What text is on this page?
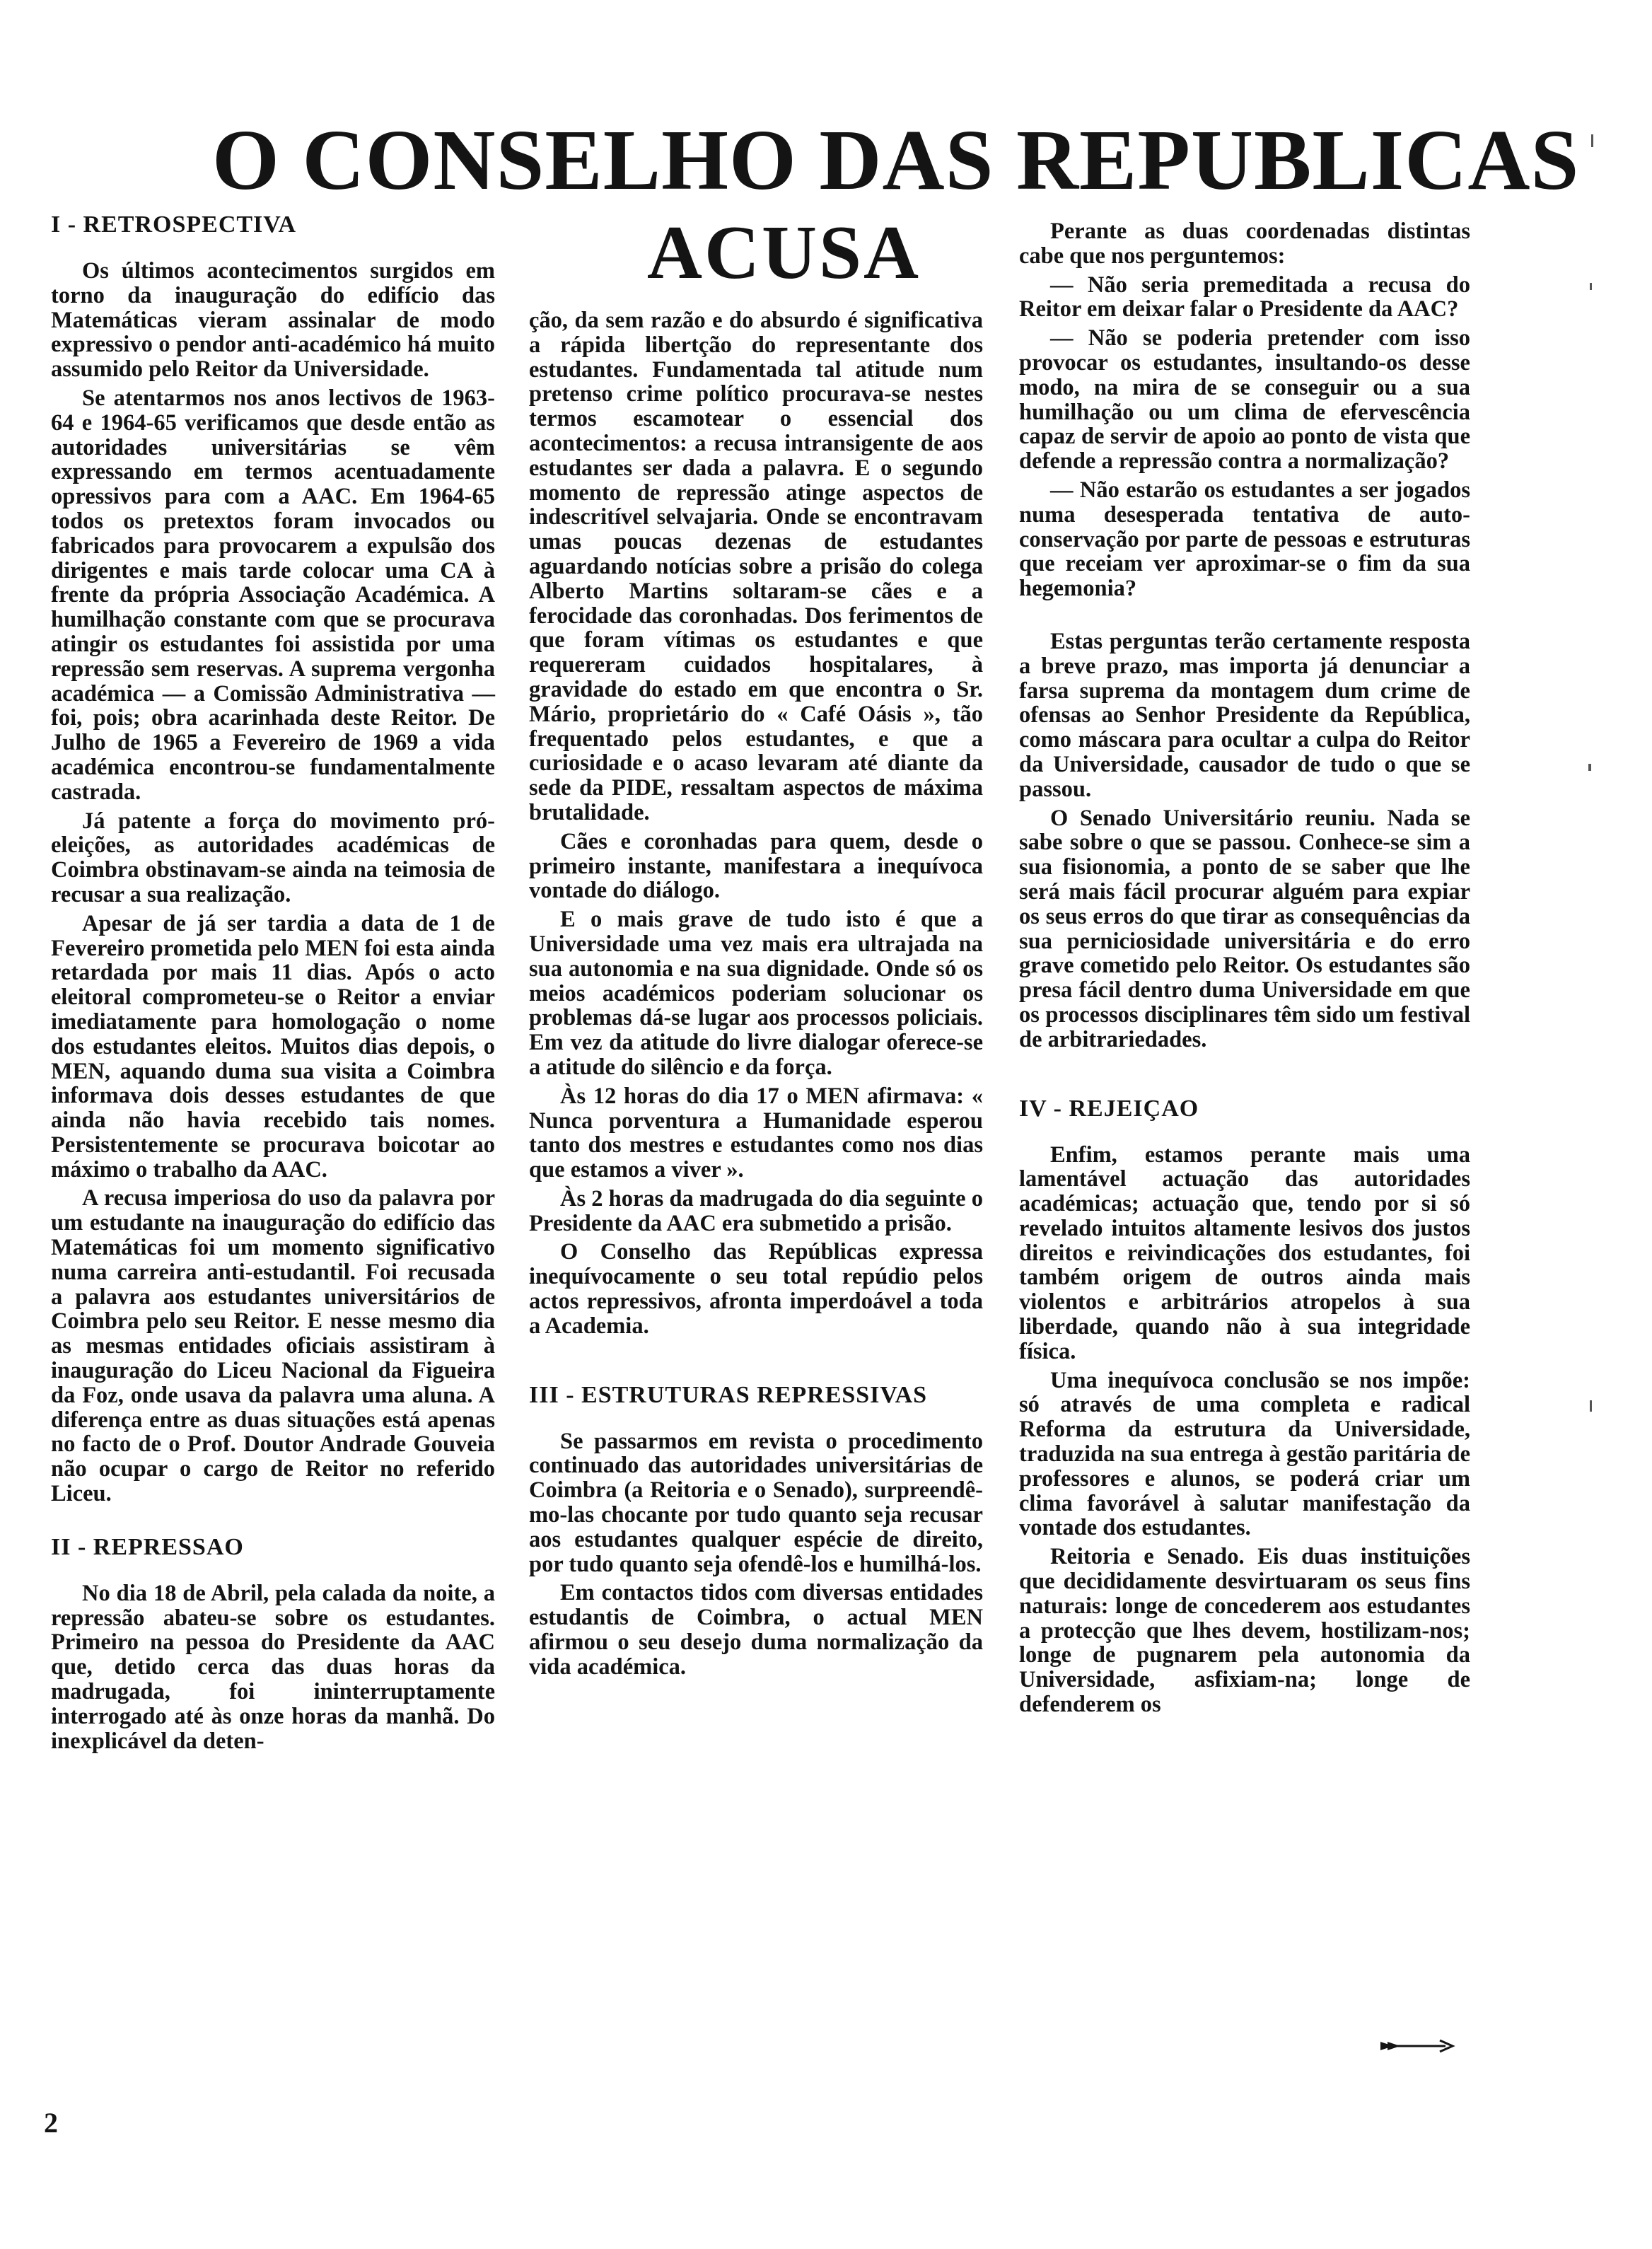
O CONSELHO DAS REPUBLICAS
ACUSA
I - RETROSPECTIVA

Os últimos acontecimentos surgidos em torno da inauguração do edifício das Matemáticas vieram assinalar de modo expressivo o pendor anti-académico há muito assumido pelo Reitor da Universidade.

Se atentarmos nos anos lectivos de 1963-64 e 1964-65 verificamos que desde então as autoridades universitárias se vêm expressando em termos acentuadamente opressivos para com a AAC. Em 1964-65 todos os pretextos foram invocados ou fabricados para provocarem a expulsão dos dirigentes e mais tarde colocar uma CA à frente da própria Associação Académica. A humilhação constante com que se procurava atingir os estudantes foi assistida por uma repressão sem reservas. A suprema vergonha académica — a Comissão Administrativa — foi, pois; obra acarinhada deste Reitor. De Julho de 1965 a Fevereiro de 1969 a vida académica encontrou-se fundamentalmente castrada.

Já patente a força do movimento pró-eleições, as autoridades académicas de Coimbra obstinavam-se ainda na teimosia de recusar a sua realização.

Apesar de já ser tardia a data de 1 de Fevereiro prometida pelo MEN foi esta ainda retardada por mais 11 dias. Após o acto eleitoral comprometeu-se o Reitor a enviar imediatamente para homologação o nome dos estudantes eleitos. Muitos dias depois, o MEN, aquando duma sua visita a Coimbra informava dois desses estudantes de que ainda não havia recebido tais nomes. Persistentemente se procurava boicotar ao máximo o trabalho da AAC.

A recusa imperiosa do uso da palavra por um estudante na inauguração do edifício das Matemáticas foi um momento significativo numa carreira anti-estudantil. Foi recusada a palavra aos estudantes universitários de Coimbra pelo seu Reitor. E nesse mesmo dia as mesmas entidades oficiais assistiram à inauguração do Liceu Nacional da Figueira da Foz, onde usava da palavra uma aluna. A diferença entre as duas situações está apenas no facto de o Prof. Doutor Andrade Gouveia não ocupar o cargo de Reitor no referido Liceu.

II - REPRESSAO

No dia 18 de Abril, pela calada da noite, a repressão abateu-se sobre os estudantes. Primeiro na pessoa do Presidente da AAC que, detido cerca das duas horas da madrugada, foi ininterruptamente interrogado até às onze horas da manhã. Do inexplicável da deten-

ção, da sem razão e do absurdo é significativa a rápida libertção do representante dos estudantes. Fundamentada tal atitude num pretenso crime político procurava-se nestes termos escamotear o essencial dos acontecimentos: a recusa intransigente de aos estudantes ser dada a palavra. E o segundo momento de repressão atinge aspectos de indescritível selvajaria. Onde se encontravam umas poucas dezenas de estudantes aguardando notícias sobre a prisão do colega Alberto Martins soltaram-se cães e a ferocidade das coronhadas. Dos ferimentos de que foram vítimas os estudantes e que requereram cuidados hospitalares, à gravidade do estado em que encontra o Sr. Mário, proprietário do « Café Oásis », tão frequentado pelos estudantes, e que a curiosidade e o acaso levaram até diante da sede da PIDE, ressaltam aspectos de máxima brutalidade.

Cães e coronhadas para quem, desde o primeiro instante, manifestara a inequívoca vontade do diálogo.

E o mais grave de tudo isto é que a Universidade uma vez mais era ultrajada na sua autonomia e na sua dignidade. Onde só os meios académicos poderiam solucionar os problemas dá-se lugar aos processos policiais. Em vez da atitude do livre dialogar oferece-se a atitude do silêncio e da força.

Às 12 horas do dia 17 o MEN afirmava: « Nunca porventura a Humanidade esperou tanto dos mestres e estudantes como nos dias que estamos a viver ».

Às 2 horas da madrugada do dia seguinte o Presidente da AAC era submetido a prisão.

O Conselho das Repúblicas expressa inequívocamente o seu total repúdio pelos actos repressivos, afronta imperdoável a toda a Academia.

III - ESTRUTURAS REPRESSIVAS

Se passarmos em revista o procedimento continuado das autoridades universitárias de Coimbra (a Reitoria e o Senado), surpreendê-mo-las chocante por tudo quanto seja recusar aos estudantes qualquer espécie de direito, por tudo quanto seja ofendê-los e humilhá-los.

Em contactos tidos com diversas entidades estudantis de Coimbra, o actual MEN afirmou o seu desejo duma normalização da vida académica.

Perante as duas coordenadas distintas cabe que nos perguntemos:

— Não seria premeditada a recusa do Reitor em deixar falar o Presidente da AAC?

— Não se poderia pretender com isso provocar os estudantes, insultando-os desse modo, na mira de se conseguir ou a sua humilhação ou um clima de efervescência capaz de servir de apoio ao ponto de vista que defende a repressão contra a normalização?

— Não estarão os estudantes a ser jogados numa desesperada tentativa de auto-conservação por parte de pessoas e estruturas que receiam ver aproximar-se o fim da sua hegemonia?

Estas perguntas terão certamente resposta a breve prazo, mas importa já denunciar a farsa suprema da montagem dum crime de ofensas ao Senhor Presidente da República, como máscara para ocultar a culpa do Reitor da Universidade, causador de tudo o que se passou.

O Senado Universitário reuniu. Nada se sabe sobre o que se passou. Conhece-se sim a sua fisionomia, a ponto de se saber que lhe será mais fácil procurar alguém para expiar os seus erros do que tirar as consequências da sua perniciosidade universitária e do erro grave cometido pelo Reitor. Os estudantes são presa fácil dentro duma Universidade em que os processos disciplinares têm sido um festival de arbitrariedades.

IV - REJEIÇAO

Enfim, estamos perante mais uma lamentável actuação das autoridades académicas; actuação que, tendo por si só revelado intuitos altamente lesivos dos justos direitos e reivindicações dos estudantes, foi também origem de outros ainda mais violentos e arbitrários atropelos à sua liberdade, quando não à sua integridade física.

Uma inequívoca conclusão se nos impõe: só através de uma completa e radical Reforma da estrutura da Universidade, traduzida na sua entrega à gestão paritária de professores e alunos, se poderá criar um clima favorável à salutar manifestação da vontade dos estudantes.

Reitoria e Senado. Eis duas instituições que decididamente desvirtuaram os seus fins naturais: longe de concederem aos estudantes a protecção que lhes devem, hostilizam-nos; longe de pugnarem pela autonomia da Universidade, asfixiam-na; longe de defenderem os

2
